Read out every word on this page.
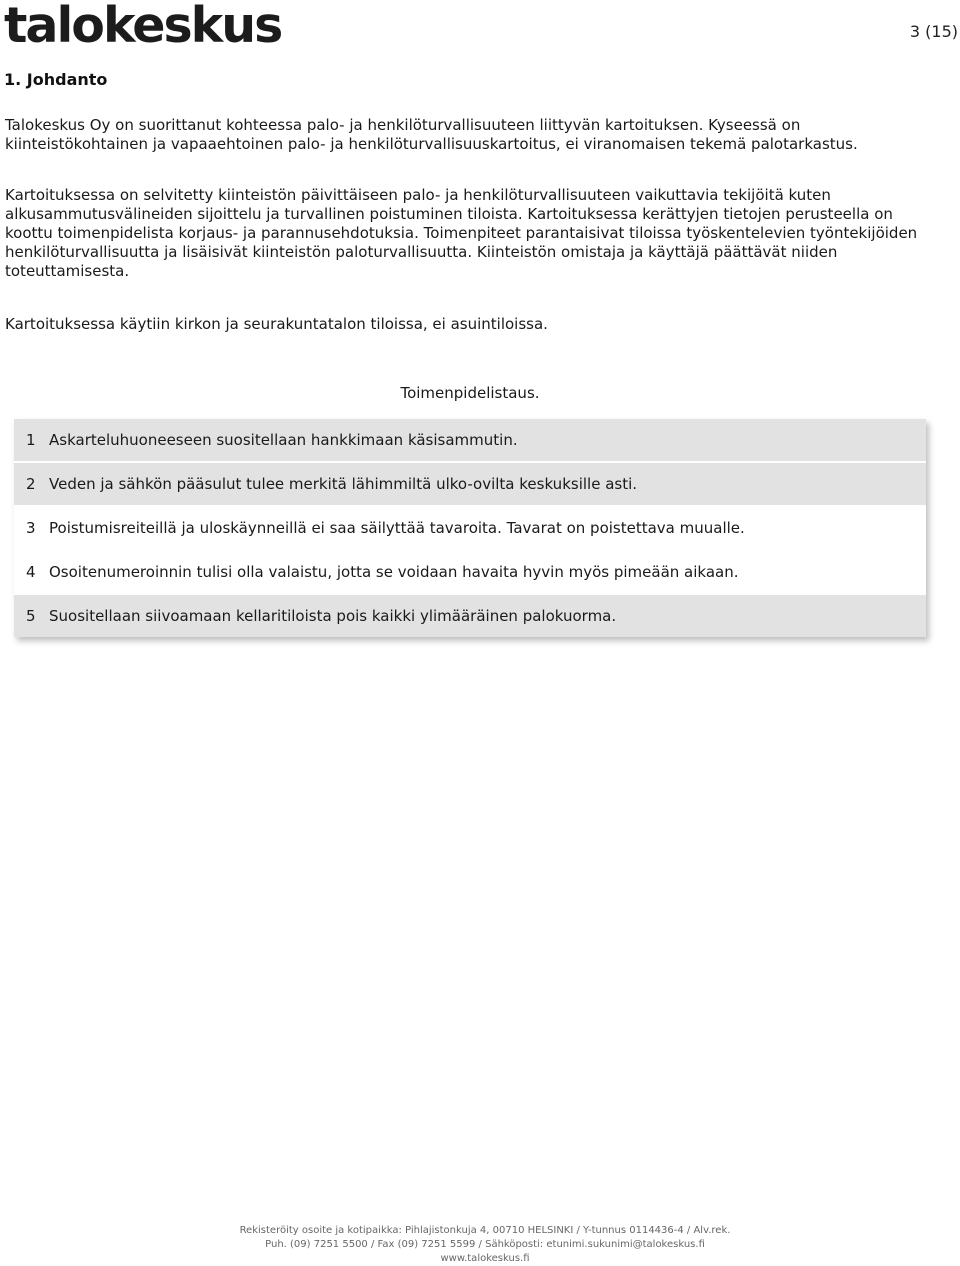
talokeskus	3 (15)
1. Johdanto

Talokeskus Oy on suorittanut kohteessa palo- ja henkilöturvallisuuteen liittyvän kartoituksen. Kyseessä on kiinteistökohtainen ja vapaaehtoinen palo- ja henkilöturvallisuuskartoitus, ei viranomaisen tekemä palotarkastus.

Kartoituksessa on selvitetty kiinteistön päivittäiseen palo- ja henkilöturvallisuuteen vaikuttavia tekijöitä kuten alkusammutusvälineiden sijoittelu ja turvallinen poistuminen tiloista. Kartoituksessa kerättyjen tietojen perusteella on koottu toimenpidelista korjaus- ja parannusehdotuksia. Toimenpiteet parantaisivat tiloissa työskentelevien työntekijöiden henkilöturvallisuutta ja lisäisivät kiinteistön paloturvallisuutta. Kiinteistön omistaja ja käyttäjä päättävät niiden toteuttamisesta.

Kartoituksessa käytiin kirkon ja seurakuntatalon tiloissa, ei asuintiloissa.

Toimenpidelistaus.
1 Askarteluhuoneeseen suositellaan hankkimaan käsisammutin.
2 Veden ja sähkön pääsulut tulee merkitä lähimmiltä ulko-ovilta keskuksille asti.
3 Poistumisreiteillä ja uloskäynneillä ei saa säilyttää tavaroita. Tavarat on poistettava muualle.
4 Osoitenumeroinnin tulisi olla valaistu, jotta se voidaan havaita hyvin myös pimeään aikaan.
5 Suositellaan siivoamaan kellaritiloista pois kaikki ylimääräinen palokuorma.
Rekisteröity osoite ja kotipaikka: Pihlajistonkuja 4, 00710 HELSINKI / Y-tunnus 0114436-4 / Alv.rek.
Puh. (09) 7251 5500 / Fax (09) 7251 5599 / Sähköposti: etunimi.sukunimi@talokeskus.fi
www.talokeskus.fi
